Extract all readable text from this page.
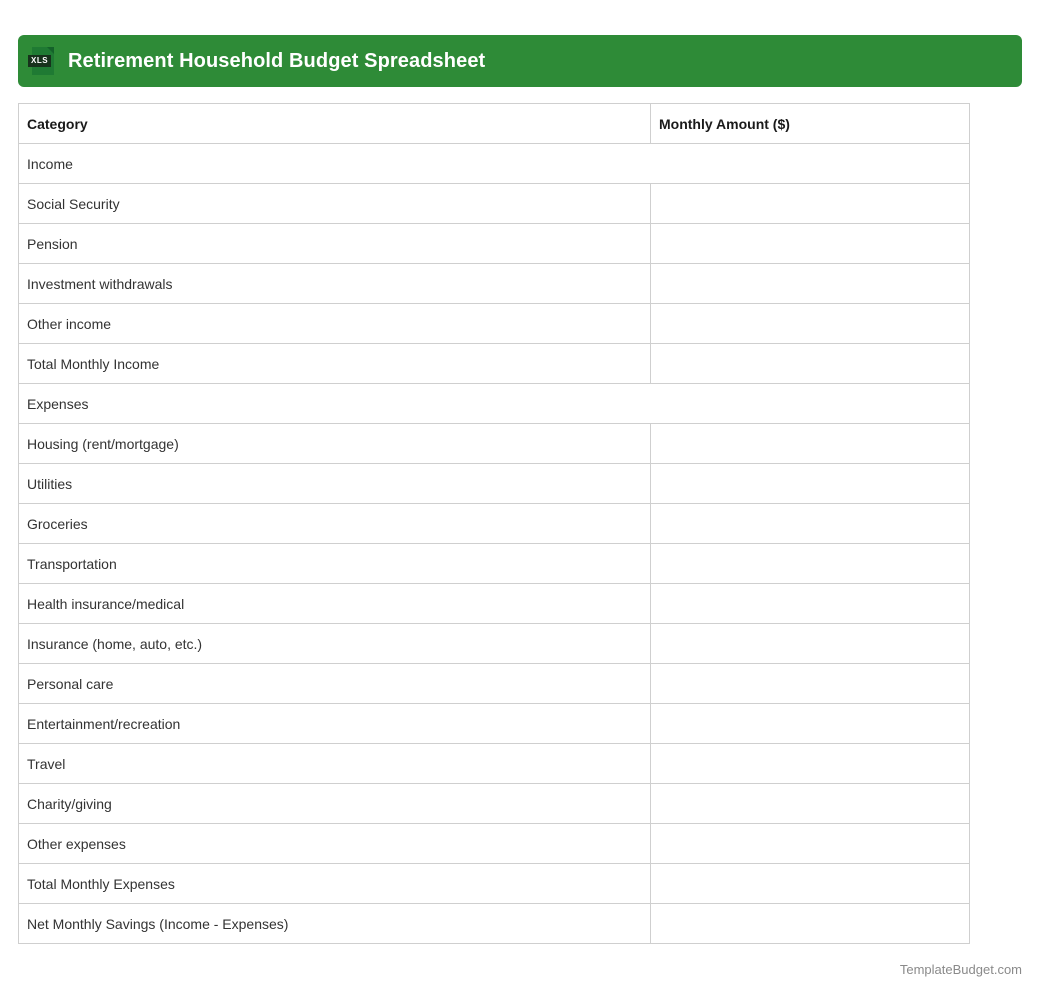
XLS Retirement Household Budget Spreadsheet
Category	Monthly Amount ($)
Income	
Social Security	
Pension	
Investment withdrawals	
Other income	
Total Monthly Income	
Expenses	
Housing (rent/mortgage)	
Utilities	
Groceries	
Transportation	
Health insurance/medical	
Insurance (home, auto, etc.)	
Personal care	
Entertainment/recreation	
Travel	
Charity/giving	
Other expenses	
Total Monthly Expenses	
Net Monthly Savings (Income - Expenses)	
TemplateBudget.com
